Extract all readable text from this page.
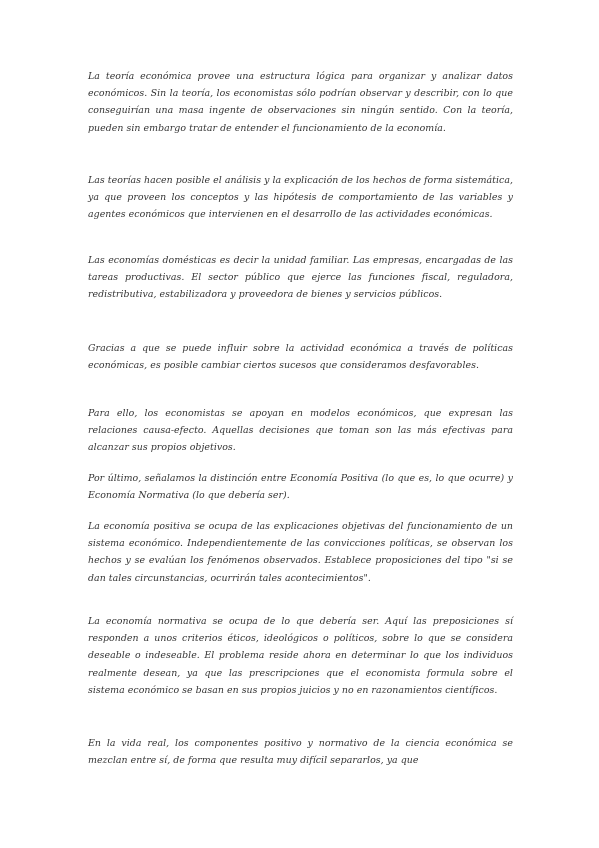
La teoría económica provee una estructura lógica para organizar y analizar datos económicos. Sin la teoría, los economistas sólo podrían observar y describir, con lo que conseguirían una masa ingente de observaciones sin ningún sentido. Con la teoría, pueden sin embargo tratar de entender el funcionamiento de la economía.

Las teorías hacen posible el análisis y la explicación de los hechos de forma sistemática, ya que proveen los conceptos y las hipótesis de comportamiento de las variables y agentes económicos que intervienen en el desarrollo de las actividades económicas.

Las economías domésticas es decir la unidad familiar. Las empresas, encargadas de las tareas productivas. El sector público que ejerce las funciones fiscal, reguladora, redistributiva, estabilizadora y proveedora de bienes y servicios públicos.

Gracias a que se puede influir sobre la actividad económica a través de políticas económicas, es posible cambiar ciertos sucesos que consideramos desfavorables.

Para ello, los economistas se apoyan en modelos económicos, que expresan las relaciones causa-efecto. Aquellas decisiones que toman son las más efectivas para alcanzar sus propios objetivos.

Por último, señalamos la distinción entre Economía Positiva (lo que es, lo que ocurre) y Economía Normativa (lo que debería ser).

La economía positiva se ocupa de las explicaciones objetivas del funcionamiento de un sistema económico. Independientemente de las convicciones políticas, se observan los hechos y se evalúan los fenómenos observados. Establece proposiciones del tipo "si se dan tales circunstancias, ocurrirán tales acontecimientos".

La economía normativa se ocupa de lo que debería ser. Aquí las preposiciones sí responden a unos criterios éticos, ideológicos o políticos, sobre lo que se considera deseable o indeseable. El problema reside ahora en determinar lo que los individuos realmente desean, ya que las prescripciones que el economista formula sobre el sistema económico se basan en sus propios juicios y no en razonamientos científicos.

En la vida real, los componentes positivo y normativo de la ciencia económica se mezclan entre sí, de forma que resulta muy difícil separarlos, ya que
